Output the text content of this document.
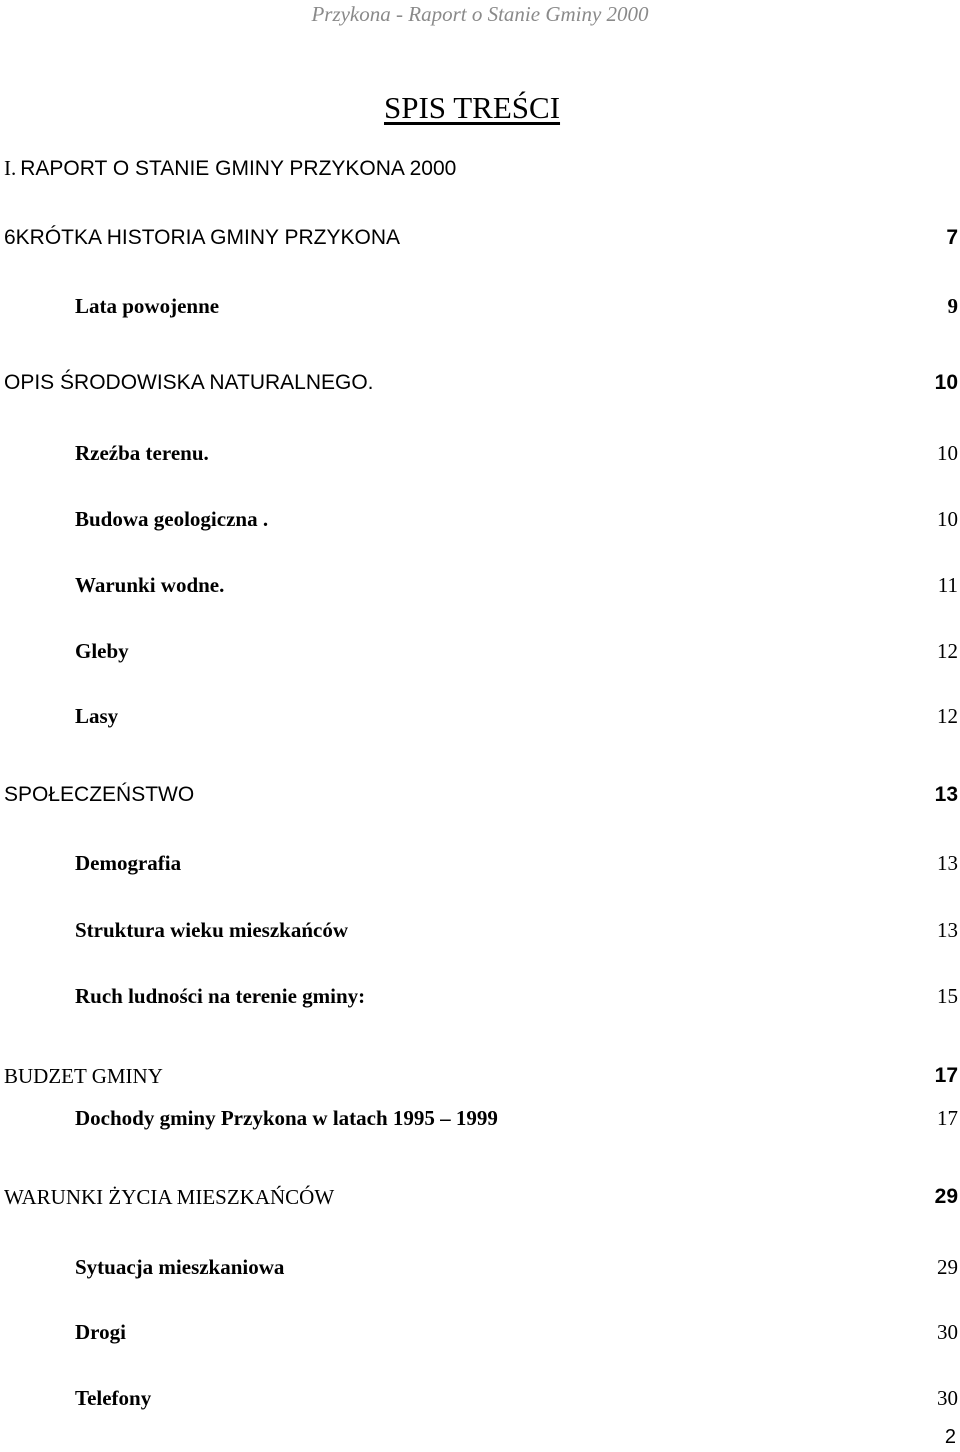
Przykona - Raport o Stanie Gminy 2000
SPIS TREŚCI
I. RAPORT O STANIE GMINY PRZYKONA 2000
6KRÓTKA HISTORIA GMINY PRZYKONA	7
Lata powojenne	9
OPIS ŚRODOWISKA NATURALNEGO.	10
Rzeźba terenu.	10
Budowa geologiczna .	10
Warunki wodne.	11
Gleby	12
Lasy	12
SPOŁECZEŃSTWO	13
Demografia	13
Struktura wieku mieszkańców	13
Ruch ludności na terenie gminy:	15
BUDZET GMINY	17
Dochody gminy Przykona w latach 1995 – 1999	17
WARUNKI ŻYCIA MIESZKAŃCÓW	29
Sytuacja mieszkaniowa	29
Drogi	30
Telefony	30
2
